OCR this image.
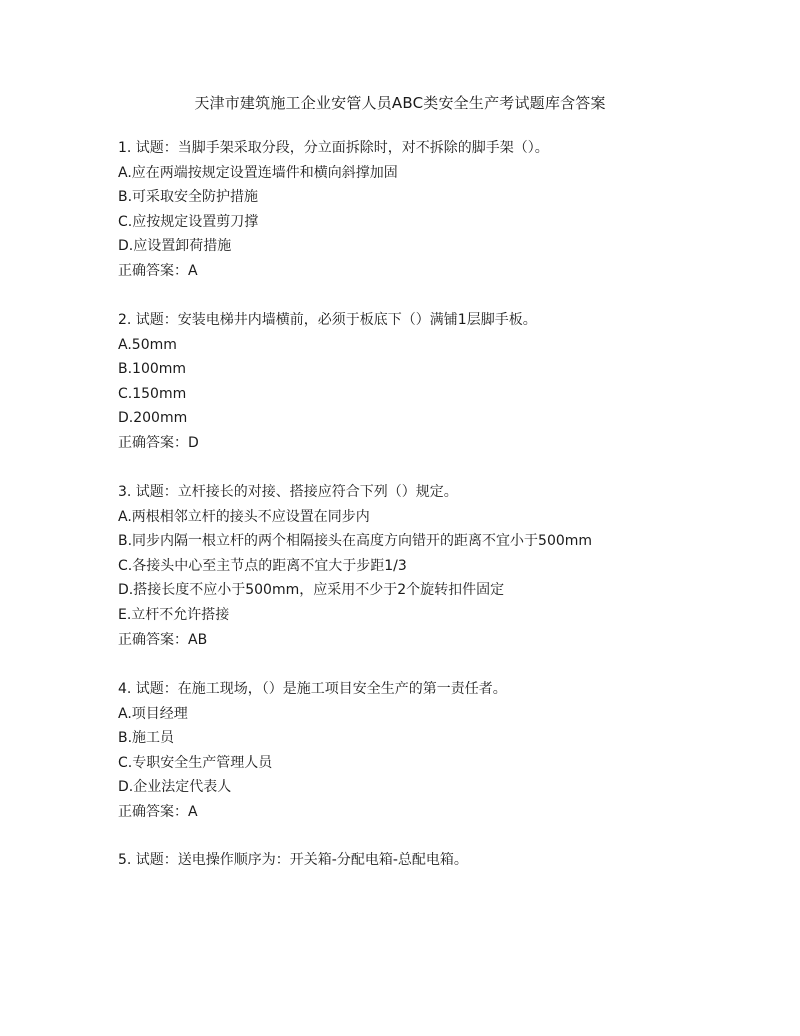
天津市建筑施工企业安管人员ABC类安全生产考试题库含答案
1. 试题：当脚手架采取分段，分立面拆除时，对不拆除的脚手架（）。
A.应在两端按规定设置连墙件和横向斜撑加固
B.可采取安全防护措施
C.应按规定设置剪刀撑
D.应设置卸荷措施
正确答案：A
2. 试题：安装电梯井内墙横前，必须于板底下（）满铺1层脚手板。
A.50mm
B.100mm
C.150mm
D.200mm
正确答案：D
3. 试题：立杆接长的对接、搭接应符合下列（）规定。
A.两根相邻立杆的接头不应设置在同步内
B.同步内隔一根立杆的两个相隔接头在高度方向错开的距离不宜小于500mm
C.各接头中心至主节点的距离不宜大于步距1/3
D.搭接长度不应小于500mm，应采用不少于2个旋转扣件固定
E.立杆不允许搭接
正确答案：AB
4. 试题：在施工现场，（）是施工项目安全生产的第一责任者。
A.项目经理
B.施工员
C.专职安全生产管理人员
D.企业法定代表人
正确答案：A
5. 试题：送电操作顺序为：开关箱-分配电箱-总配电箱。
